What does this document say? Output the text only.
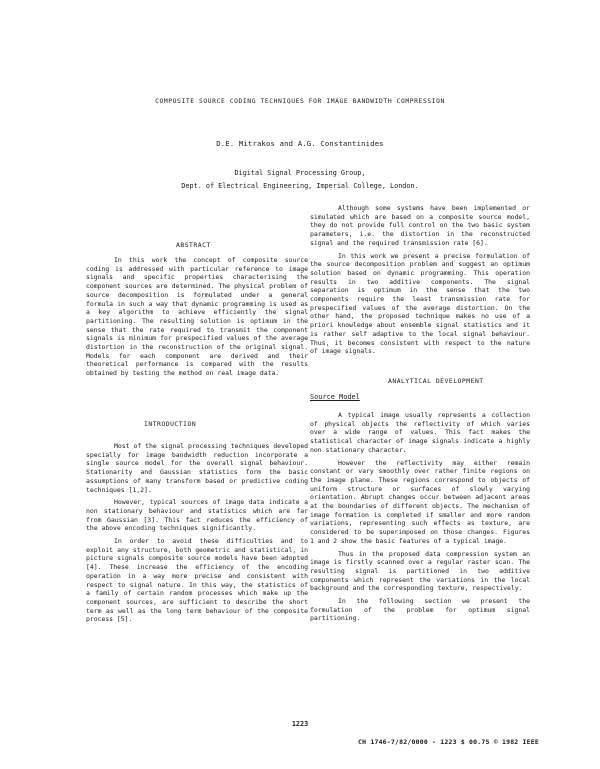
COMPOSITE SOURCE CODING TECHNIQUES FOR IMAGE BANDWIDTH COMPRESSION
D.E. Mitrakos and A.G. Constantinides
Digital Signal Processing Group,
Dept. of Electrical Engineering, Imperial College, London.
ABSTRACT

In this work the concept of composite source coding is addressed with particular reference to image signals and specific properties characterising the component sources are determined. The physical problem of source decomposition is formulated under a general formula in such a way that dynamic programming is used as a key algorithm to achieve efficiently the signal partitioning. The resulting solution is optimum in the sense that the rate required to transmit the component signals is minimum for prespecified values of the average distortion in the reconstruction of the original signal. Models for each component are derived and their theoretical performance is compared with the results obtained by testing the method on real image data.

INTRODUCTION

Most of the signal processing techniques developed specially for image bandwidth reduction incorporate a single source model for the overall signal behaviour. Stationarity and Gaussian statistics form the basic assumptions of many transform based or predictive coding techniques [1,2].

However, typical sources of image data indicate a non stationary behaviour and statistics which are far from Gaussian [3]. This fact reduces the efficiency of the above encoding techniques significantly.

In order to avoid these difficulties and to exploit any structure, both geometric and statistical, in picture signals composite source models have been adopted [4]. These increase the efficiency of the encoding operation in a way more precise and consistent with respect to signal nature. In this way, the statistics of a family of certain random processes which make up the component sources, are sufficient to describe the short term as well as the long term behaviour of the composite process [5].

Although some systems have been implemented or simulated which are based on a composite source model, they do not provide full control on the two basic system parameters, i.e. the distortion in the reconstructed signal and the required transmission rate [6].

In this work we present a precise formulation of the source decomposition problem and suggest an optimum solution based on dynamic programming. This operation results in two additive components. The signal separation is optimum in the sense that the two components require the least transmission rate for prespecified values of the average distortion. On the other hand, the proposed technique makes no use of a priori knowledge about ensemble signal statistics and it is rather self adaptive to the local signal behaviour. Thus, it becomes consistent with respect to the nature of image signals.

ANALYTICAL DEVELOPMENT
Source Model

A typical image usually represents a collection of physical objects the reflectivity of which varies over a wide range of values. This fact makes the statistical character of image signals indicate a highly non stationary character.

However the reflectivity may either remain constant or vary smoothly over rather finite regions on the image plane. These regions correspond to objects of uniform structure or surfaces of slowly varying orientation. Abrupt changes occur between adjacent areas at the boundaries of different objects. The mechanism of image formation is completed if smaller and more random variations, representing such effects as texture, are considered to be superimposed on those changes. Figures 1 and 2 show the basic features of a typical image.

Thus in the proposed data compression system an image is firstly scanned over a regular raster scan. The resulting signal is partitioned in two additive components which represent the variations in the local background and the corresponding texture, respectively.

In the following section we present the formulation of the problem for optimum signal partitioning.

1223
CH 1746-7/82/0000 - 1223 $ 00.75 © 1982 IEEE
